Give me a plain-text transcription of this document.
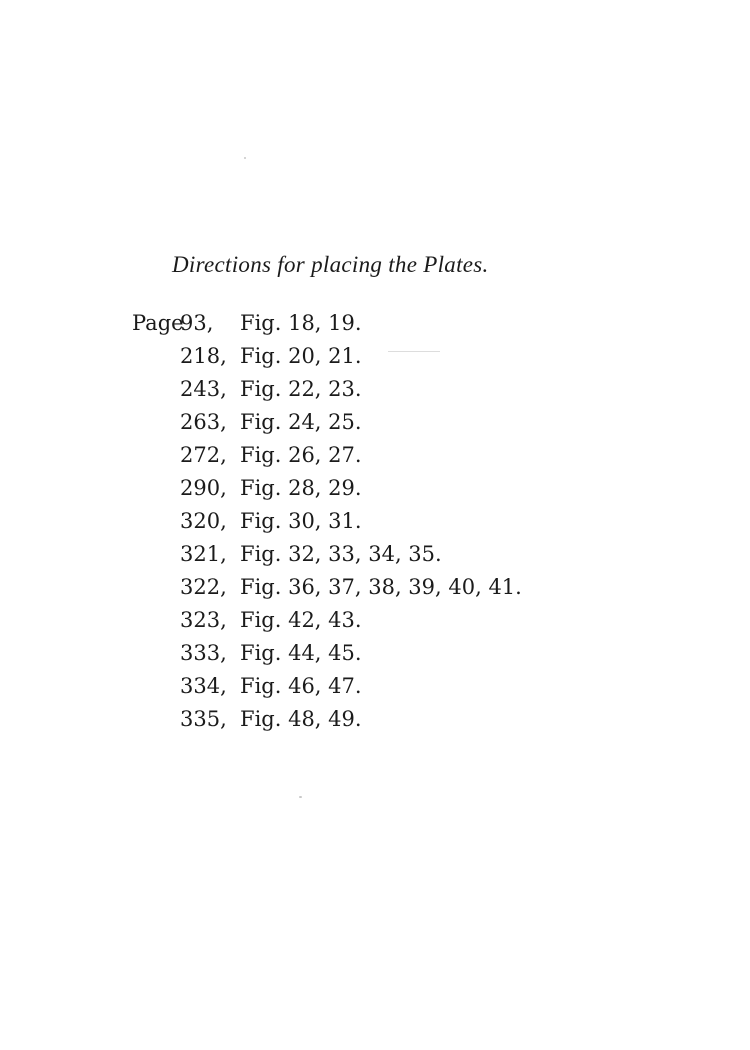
Directions for placing the Plates.
Page
93, Fig. 18, 19.
218, Fig. 20, 21.
243, Fig. 22, 23.
263, Fig. 24, 25.
272, Fig. 26, 27.
290, Fig. 28, 29.
320, Fig. 30, 31.
321, Fig. 32, 33, 34, 35.
322, Fig. 36, 37, 38, 39, 40, 41.
323, Fig. 42, 43.
333, Fig. 44, 45.
334, Fig. 46, 47.
335, Fig. 48, 49.
